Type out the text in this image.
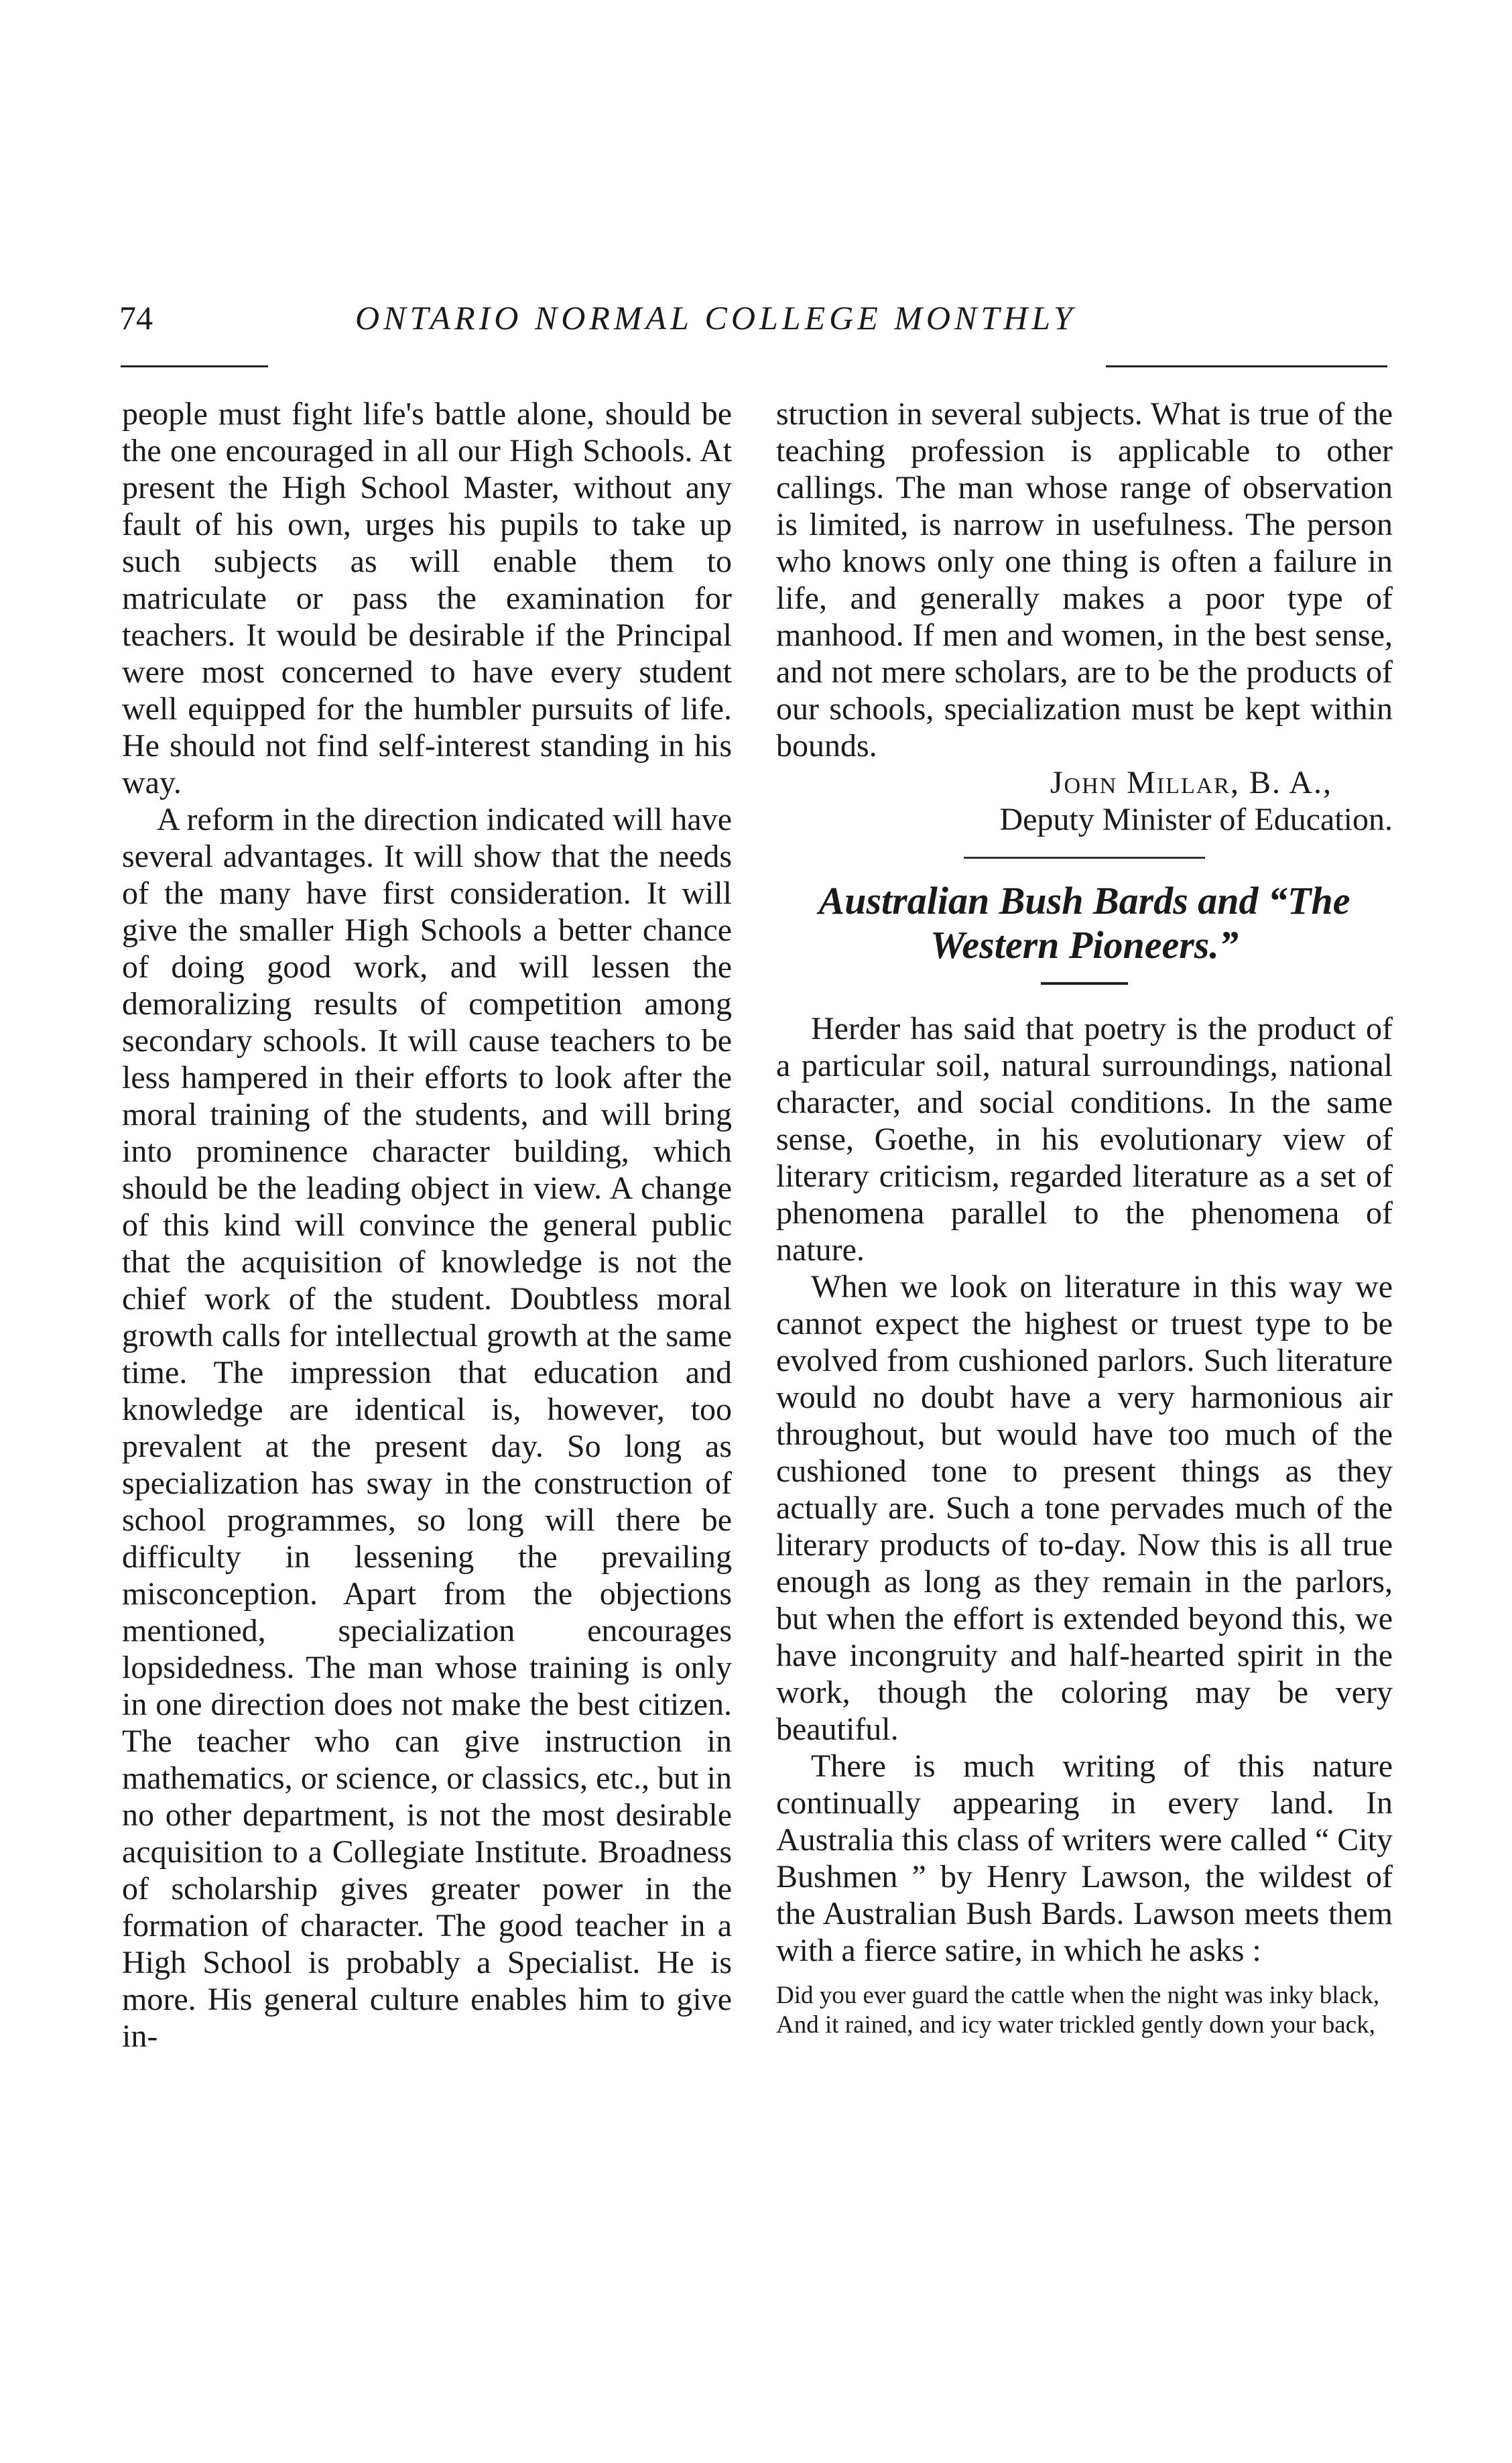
74	ONTARIO NORMAL COLLEGE MONTHLY

people must fight life's battle alone, should be the one encouraged in all our High Schools. At present the High School Master, without any fault of his own, urges his pupils to take up such subjects as will enable them to matriculate or pass the examination for teachers. It would be desirable if the Principal were most concerned to have every student well equipped for the humbler pursuits of life. He should not find self-interest standing in his way.

A reform in the direction indicated will have several advantages. It will show that the needs of the many have first consideration. It will give the smaller High Schools a better chance of doing good work, and will lessen the demoralizing results of competition among secondary schools. It will cause teachers to be less hampered in their efforts to look after the moral training of the students, and will bring into prominence character building, which should be the leading object in view. A change of this kind will convince the general public that the acquisition of knowledge is not the chief work of the student. Doubtless moral growth calls for intellectual growth at the same time. The impression that education and knowledge are identical is, however, too prevalent at the present day. So long as specialization has sway in the construction of school programmes, so long will there be difficulty in lessening the prevailing misconception. Apart from the objections mentioned, specialization encourages lopsidedness. The man whose training is only in one direction does not make the best citizen. The teacher who can give instruction in mathematics, or science, or classics, etc., but in no other department, is not the most desirable acquisition to a Collegiate Institute. Broadness of scholarship gives greater power in the formation of character. The good teacher in a High School is probably a Specialist. He is more. His general culture enables him to give in-

struction in several subjects. What is true of the teaching profession is applicable to other callings. The man whose range of observation is limited, is narrow in usefulness. The person who knows only one thing is often a failure in life, and generally makes a poor type of manhood. If men and women, in the best sense, and not mere scholars, are to be the products of our schools, specialization must be kept within bounds.

John Millar, B. A.,
Deputy Minister of Education.
Australian Bush Bards and “The
Western Pioneers.”

Herder has said that poetry is the product of a particular soil, natural surroundings, national character, and social conditions. In the same sense, Goethe, in his evolutionary view of literary criticism, regarded literature as a set of phenomena parallel to the phenomena of nature.

When we look on literature in this way we cannot expect the highest or truest type to be evolved from cushioned parlors. Such literature would no doubt have a very harmonious air throughout, but would have too much of the cushioned tone to present things as they actually are. Such a tone pervades much of the literary products of to-day. Now this is all true enough as long as they remain in the parlors, but when the effort is extended beyond this, we have incongruity and half-hearted spirit in the work, though the coloring may be very beautiful.

There is much writing of this nature continually appearing in every land. In Australia this class of writers were called “ City Bushmen ” by Henry Lawson, the wildest of the Australian Bush Bards. Lawson meets them with a fierce satire, in which he asks :

Did you ever guard the cattle when the night was inky black,
And it rained, and icy water trickled gently down your back,
